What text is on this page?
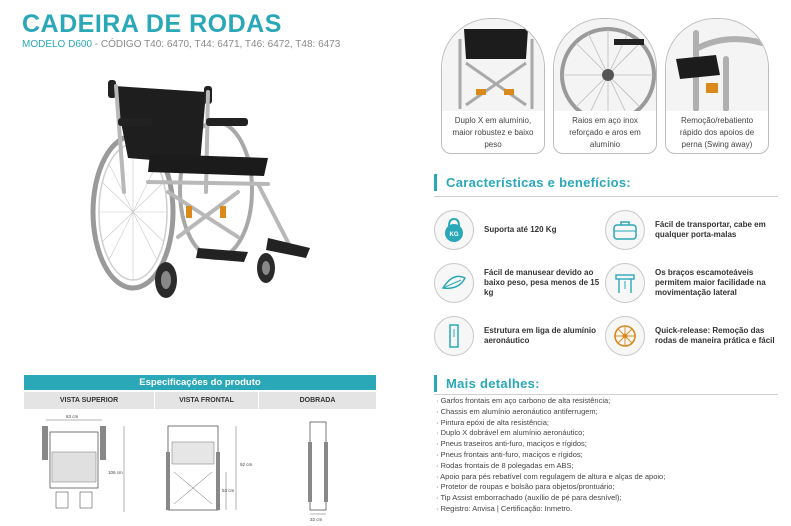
CADEIRA DE RODAS
MODELO D600 - CÓDIGO T40: 6470, T44: 6471, T46: 6472, T48: 6473
Duplo X em alumínio, maior robustez e baixo peso
Raios em aço inox reforçado e aros em alumínio
Remoção/rebatiento rápido dos apoios de perna (Swing away)
Características e benefícios:
KG
Suporta até 120 Kg
Fácil de transportar, cabe em qualquer porta-malas
Fácil de manusear devido ao baixo peso, pesa menos de 15 kg
Os braços escamoteáveis permitem maior facilidade na movimentação lateral
Estrutura em liga de alumínio aeronáutico
Quick-release: Remoção das rodas de maneira prática e fácil
Mais detalhes:
· Garfos frontais em aço carbono de alta resistência;
· Chassis em alumínio aeronáutico antiferrugem;
· Pintura epóxi de alta resistência;
· Duplo X dobrável em alumínio aeronáutico;
· Pneus traseiros anti-furo, maciços e rígidos;
· Pneus frontais anti-furo, maciços e rígidos;
· Rodas frontais de 8 polegadas em ABS;
· Apoio para pés rebatível com regulagem de altura e alças de apoio;
· Protetor de roupas e bolsão para objetos/prontuário;
· Tip Assist emborrachado (auxílio de pé para desnível);
· Registro: Anvisa | Certificação: Inmetro.
Especificações do produto
VISTA SUPERIOR	VISTA FRONTAL	DOBRADA
63 cm
106 cm
92 cm
53 cm
32 cm
